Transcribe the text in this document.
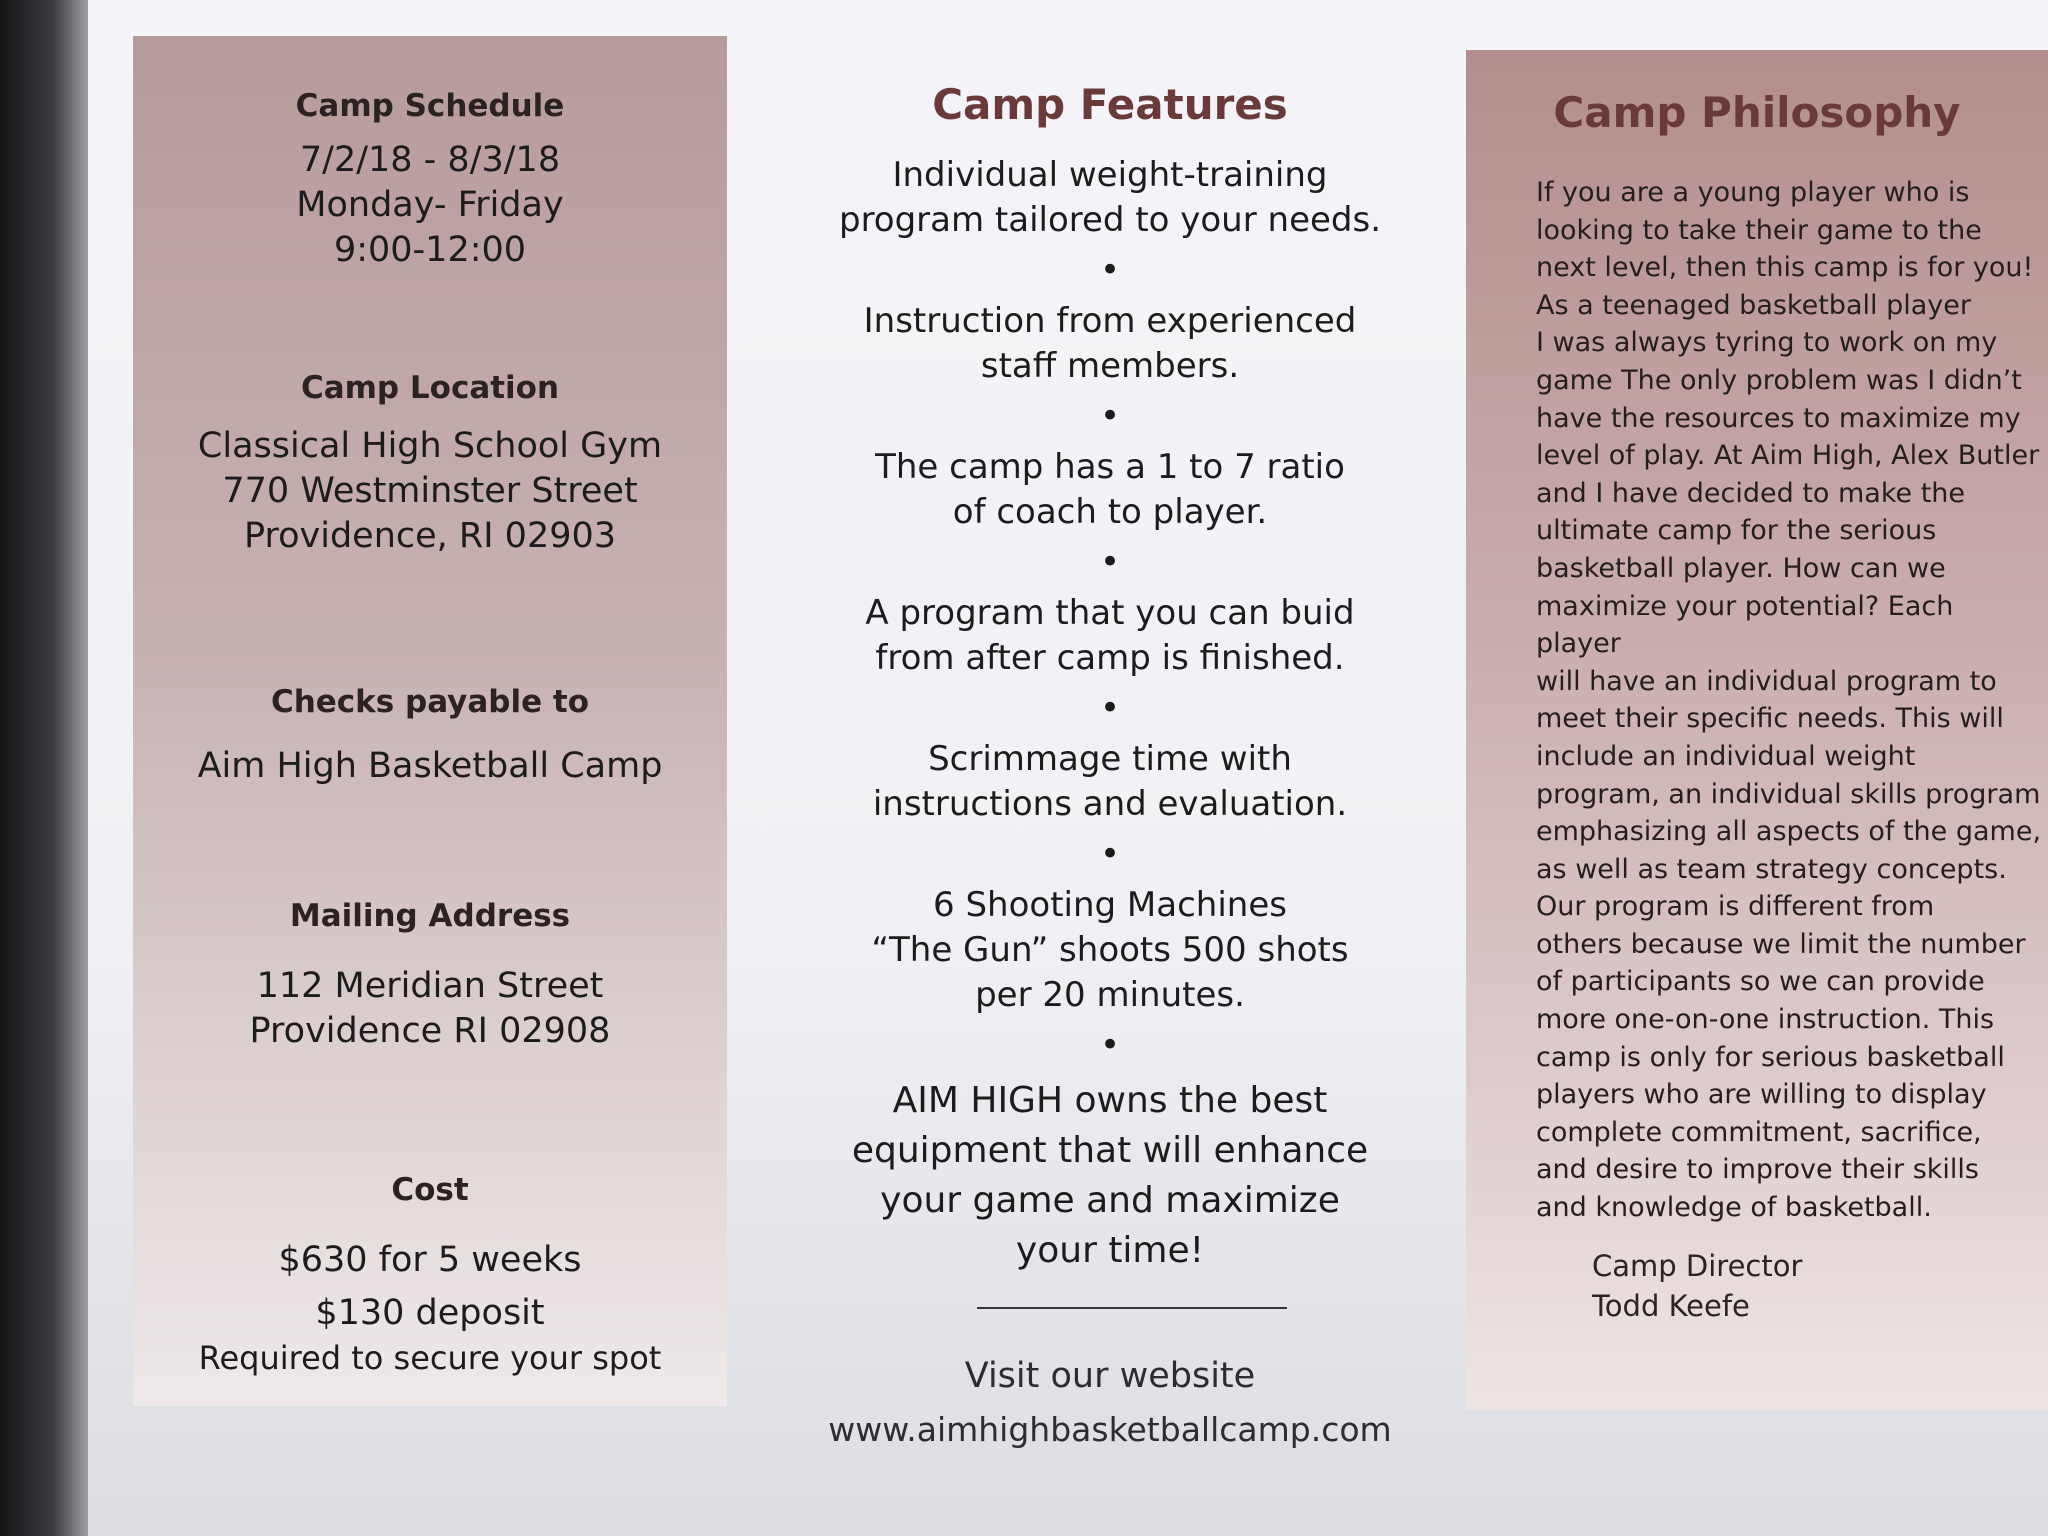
Camp Schedule

7/2/18 - 8/3/18

Monday- Friday

9:00-12:00

Camp Location

Classical High School Gym

770 Westminster Street

Providence, RI 02903

Checks payable to

Aim High Basketball Camp

Mailing Address

112 Meridian Street

Providence RI 02908

Cost

$630 for 5 weeks

$130 deposit

Required to secure your spot

Camp Features

Individual weight-training

program tailored to your needs.

•

Instruction from experienced

staff members.

•

The camp has a 1 to 7 ratio

of coach to player.

•

A program that you can buid

from after camp is finished.

•

Scrimmage time with

instructions and evaluation.

•

6 Shooting Machines

“The Gun” shoots 500 shots

per 20 minutes.

•

AIM HIGH owns the best

equipment that will enhance

your game and maximize

your time!

Visit our website

www.aimhighbasketballcamp.com

Camp Philosophy

If you are a young player who is
looking to take their game to the
next level, then this camp is for you!
As a teenaged basketball player
I was always tyring to work on my
game The only problem was I didn’t
have the resources to maximize my
level of play. At Aim High, Alex Butler
and I have decided to make the
ultimate camp for the serious
basketball player. How can we
maximize your potential? Each player
will have an individual program to
meet their specific needs. This will
include an individual weight
program, an individual skills program
emphasizing all aspects of the game,
as well as team strategy concepts.
Our program is different from
others because we limit the number
of participants so we can provide
more one-on-one instruction. This
camp is only for serious basketball
players who are willing to display
complete commitment, sacrifice,
and desire to improve their skills
and knowledge of basketball.
Camp Director
Todd Keefe
